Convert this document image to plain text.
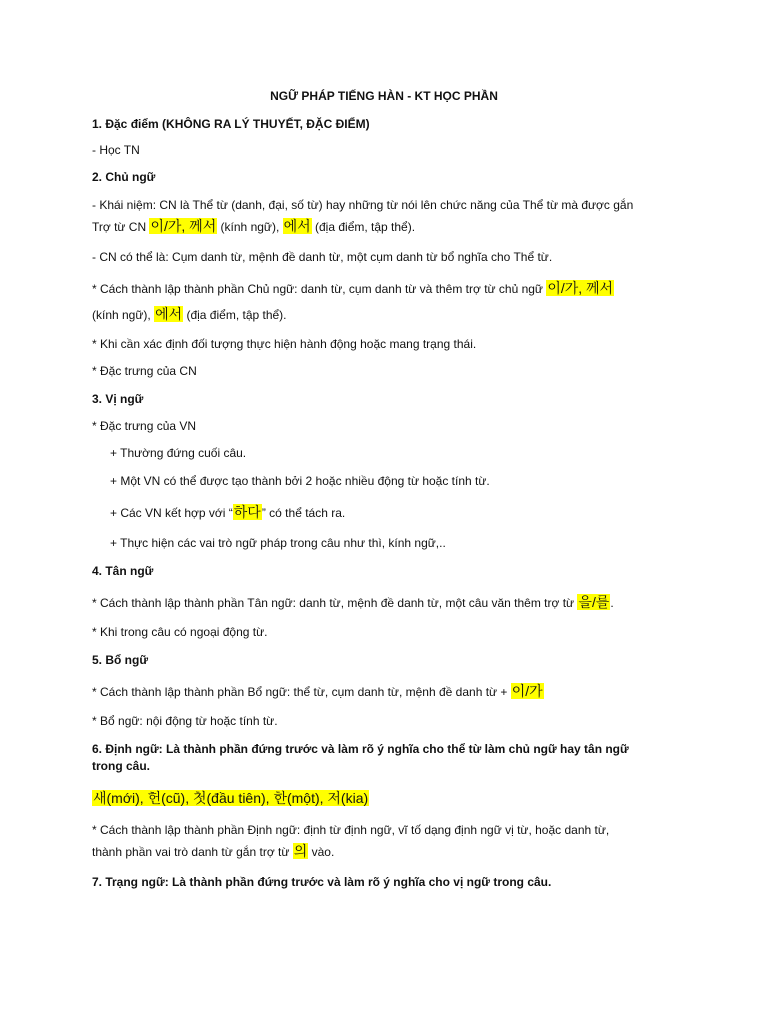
NGỮ PHÁP TIẾNG HÀN - KT HỌC PHẦN
1. Đặc điểm (KHÔNG RA LÝ THUYẾT, ĐẶC ĐIỂM)
- Học TN
2. Chủ ngữ
- Khái niệm: CN là Thể từ (danh, đại, số từ) hay những từ nói lên chức năng của Thể từ mà được gắn
Trợ từ CN 이/가, 께서 (kính ngữ), 에서 (địa điểm, tập thể).
- CN có thể là: Cụm danh từ, mệnh đề danh từ, một cụm danh từ bổ nghĩa cho Thể từ.
* Cách thành lập thành phần Chủ ngữ: danh từ, cụm danh từ và thêm trợ từ chủ ngữ 이/가, 께서
(kính ngữ), 에서 (địa điểm, tập thể).
* Khi cần xác định đối tượng thực hiện hành động hoặc mang trạng thái.
* Đặc trưng của CN
3. Vị ngữ
* Đặc trưng của VN
+ Thường đứng cuối câu.
+ Một VN có thể được tạo thành bởi 2 hoặc nhiều động từ hoặc tính từ.
+ Các VN kết hợp với “하다” có thể tách ra.
+ Thực hiện các vai trò ngữ pháp trong câu như thì, kính ngữ,..
4. Tân ngữ
* Cách thành lập thành phần Tân ngữ: danh từ, mệnh đề danh từ, một câu văn thêm trợ từ 을/를.
* Khi trong câu có ngoại động từ.
5. Bổ ngữ
* Cách thành lập thành phần Bổ ngữ: thể từ, cụm danh từ, mệnh đề danh từ + 이/가
* Bổ ngữ: nội động từ hoặc tính từ.
6. Định ngữ: Là thành phần đứng trước và làm rõ ý nghĩa cho thể từ làm chủ ngữ hay tân ngữ
trong câu.
새(mới), 헌(cũ), 첫(đầu tiên), 한(một), 저(kia)
* Cách thành lập thành phần Định ngữ: định từ định ngữ, vĩ tố dạng định ngữ vị từ, hoặc danh từ,
thành phần vai trò danh từ gắn trợ từ 의 vào.
7. Trạng ngữ: Là thành phần đứng trước và làm rõ ý nghĩa cho vị ngữ trong câu.
